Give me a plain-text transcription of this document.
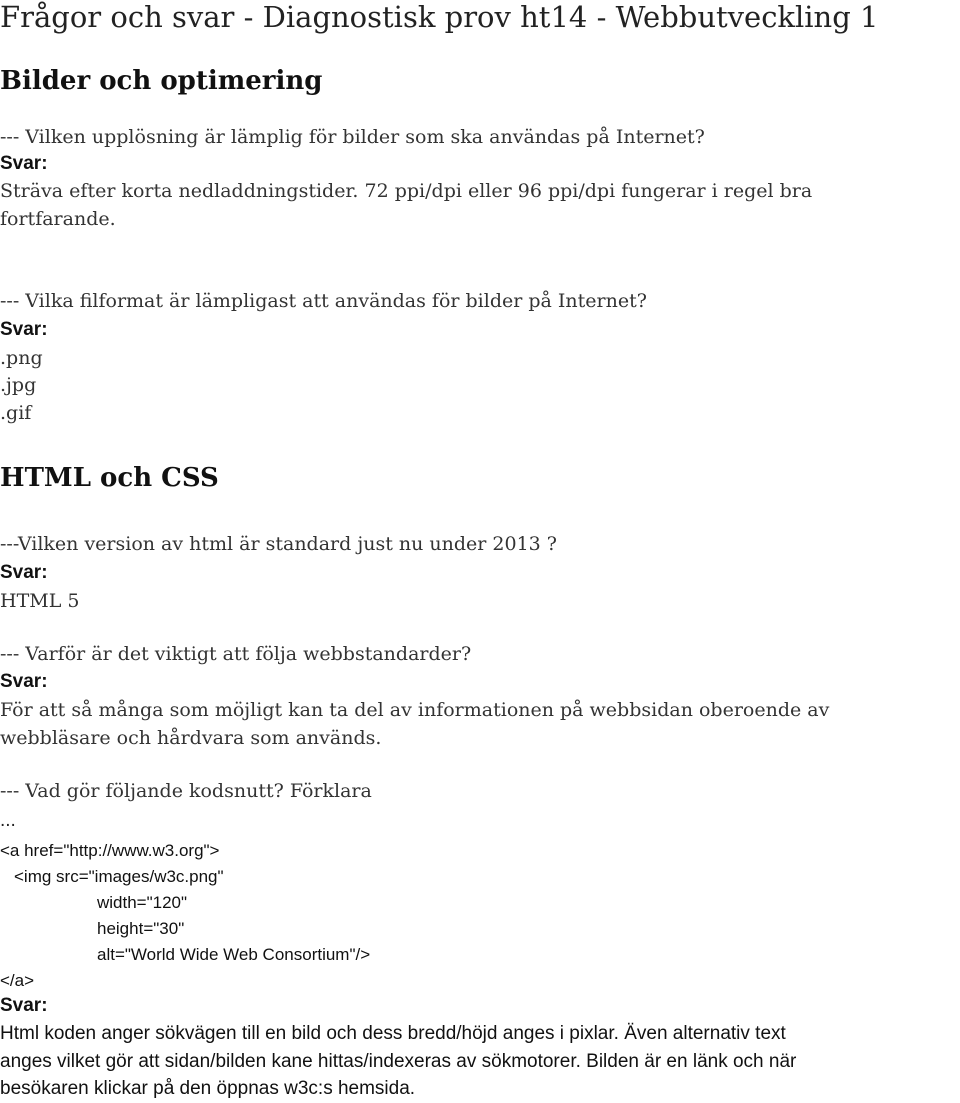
Frågor och svar - Diagnostisk prov ht14 - Webbutveckling 1
Bilder och optimering
--- Vilken upplösning är lämplig för bilder som ska användas på Internet?
Svar:
Sträva efter korta nedladdningstider. 72 ppi/dpi eller 96 ppi/dpi fungerar i regel bra
fortfarande.
--- Vilka filformat är lämpligast att användas för bilder på Internet?
Svar:
.png
.jpg
.gif
HTML och CSS
---Vilken version av html är standard just nu under 2013 ?
Svar:
HTML 5
--- Varför är det viktigt att följa webbstandarder?
Svar:
För att så många som möjligt kan ta del av informationen på webbsidan oberoende av
webbläsare och hårdvara som används.
--- Vad gör följande kodsnutt? Förklara
...
<a href="http://www.w3.org">
<img src="images/w3c.png"
width="120"
height="30"
alt="World Wide Web Consortium"/>
</a>
Svar:
Html koden anger sökvägen till en bild och dess bredd/höjd anges i pixlar. Även alternativ text
anges vilket gör att sidan/bilden kane hittas/indexeras av sökmotorer. Bilden är en länk och när
besökaren klickar på den öppnas w3c:s hemsida.
